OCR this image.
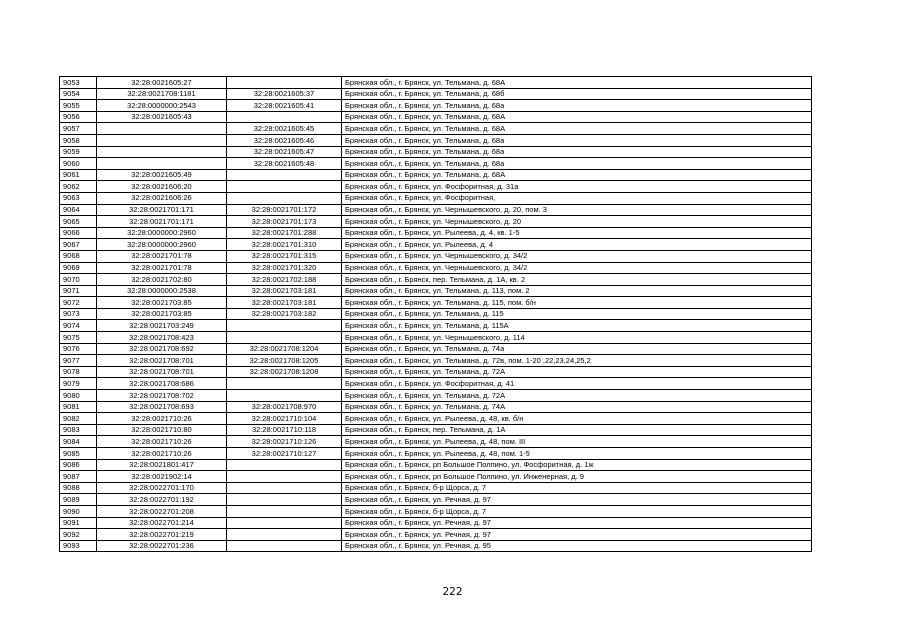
9053	32:28:0021605:27		Брянская обл., г. Брянск, ул. Тельмана, д. 68А
9054	32:28:0021708:1181	32:28:0021605:37	Брянская обл., г. Брянск, ул. Тельмана, д. 68б
9055	32:28:0000000:2543	32:28:0021605:41	Брянская обл., г. Брянск, ул. Тельмана, д. 68а
9056	32:28:0021605:43		Брянская обл., г. Брянск, ул. Тельмана, д. 68А
9057		32:28:0021605:45	Брянская обл., г. Брянск, ул. Тельмана, д. 68А
9058		32:28:0021605:46	Брянская обл., г. Брянск, ул. Тельмана, д. 68а
9059		32:28:0021605:47	Брянская обл., г. Брянск, ул. Тельмана, д. 68а
9060		32:28:0021605:48	Брянская обл., г. Брянск, ул. Тельмана, д. 68а
9061	32:28:0021605:49		Брянская обл., г. Брянск, ул. Тельмана, д. 68А
9062	32:28:0021606:20		Брянская обл., г. Брянск, ул. Фосфоритная, д. 31а
9063	32:28:0021606:26		Брянская обл., г. Брянск, ул. Фосфоритная,
9064	32:28:0021701:171	32:28:0021701:172	Брянская обл., г. Брянск, ул. Чернышевского, д. 20, пом. 3
9065	32:28:0021701:171	32:28:0021701:173	Брянская обл., г. Брянск, ул. Чернышевского, д. 20
9066	32:28:0000000:2960	32:28:0021701:288	Брянская обл., г. Брянск, ул. Рылеева, д. 4, кв. 1-5
9067	32:28:0000000:2960	32:28:0021701:310	Брянская обл., г. Брянск, ул. Рылеева, д. 4
9068	32:28:0021701:78	32:28:0021701:315	Брянская обл., г. Брянск, ул. Чернышевского, д. 34/2
9069	32:28:0021701:78	32:28:0021701:320	Брянская обл., г. Брянск, ул. Чернышевского, д. 34/2
9070	32:28:0021702:80	32:28:0021702:188	Брянская обл., г. Брянск, пер. Тельмана, д. 1А, кв. 2
9071	32:28:0000000:2538	32:28:0021703:181	Брянская обл., г. Брянск, ул. Тельмана, д. 113, пом. 2
9072	32:28:0021703:85	32:28:0021703:181	Брянская обл., г. Брянск, ул. Тельмана, д. 115, пом. б/н
9073	32:28:0021703:85	32:28:0021703:182	Брянская обл., г. Брянск, ул. Тельмана, д. 115
9074	32:28:0021703:249		Брянская обл., г. Брянск, ул. Тельмана, д. 115А
9075	32:28:0021708:423		Брянская обл., г. Брянск, ул. Чернышевского, д. 114
9076	32:28:0021708:692	32:28:0021708:1204	Брянская обл., г. Брянск, ул. Тельмана, д. 74а
9077	32:28:0021708:701	32:28:0021708:1205	Брянская обл., г. Брянск, ул. Тельмана, д. 72в, пом. 1-20 ,22,23,24,25,2
9078	32:28:0021708:701	32:28:0021708:1208	Брянская обл., г. Брянск, ул. Тельмана, д. 72А
9079	32:28:0021708:686		Брянская обл., г. Брянск, ул. Фосфоритная, д. 41
9080	32:28:0021708:702		Брянская обл., г. Брянск, ул. Тельмана, д. 72А
9081	32:28:0021708:693	32:28:0021708:970	Брянская обл., г. Брянск, ул. Тельмана, д. 74А
9082	32:28:0021710:26	32:28:0021710:104	Брянская обл., г. Брянск, ул. Рылеева, д. 48, кв. б/н
9083	32:28:0021710:80	32:28:0021710:118	Брянская обл., г. Брянск, пер. Тельмана, д. 1А
9084	32:28:0021710:26	32:28:0021710:126	Брянская обл., г. Брянск, ул. Рылеева, д. 48, пом. III
9085	32:28:0021710:26	32:28:0021710:127	Брянская обл., г. Брянск, ул. Рылеева, д. 48, пом. 1-5
9086	32:28:0021801:417		Брянская обл., г. Брянск, рп Большое Полпино, ул. Фосфоритная, д. 1ж
9087	32:28:0021902:14		Брянская обл., г. Брянск, рп Большое Полпино, ул. Инженерная, д. 9
9088	32:28:0022701:170		Брянская обл., г. Брянск, б-р Щорса, д. 7
9089	32:28:0022701:192		Брянская обл., г. Брянск, ул. Речная, д. 97
9090	32:28:0022701:208		Брянская обл., г. Брянск, б-р Щорса, д. 7
9091	32:28:0022701:214		Брянская обл., г. Брянск, ул. Речная, д. 97
9092	32:28:0022701:219		Брянская обл., г. Брянск, ул. Речная, д. 97
9093	32:28:0022701:236		Брянская обл., г. Брянск, ул. Речная, д. 95
222
